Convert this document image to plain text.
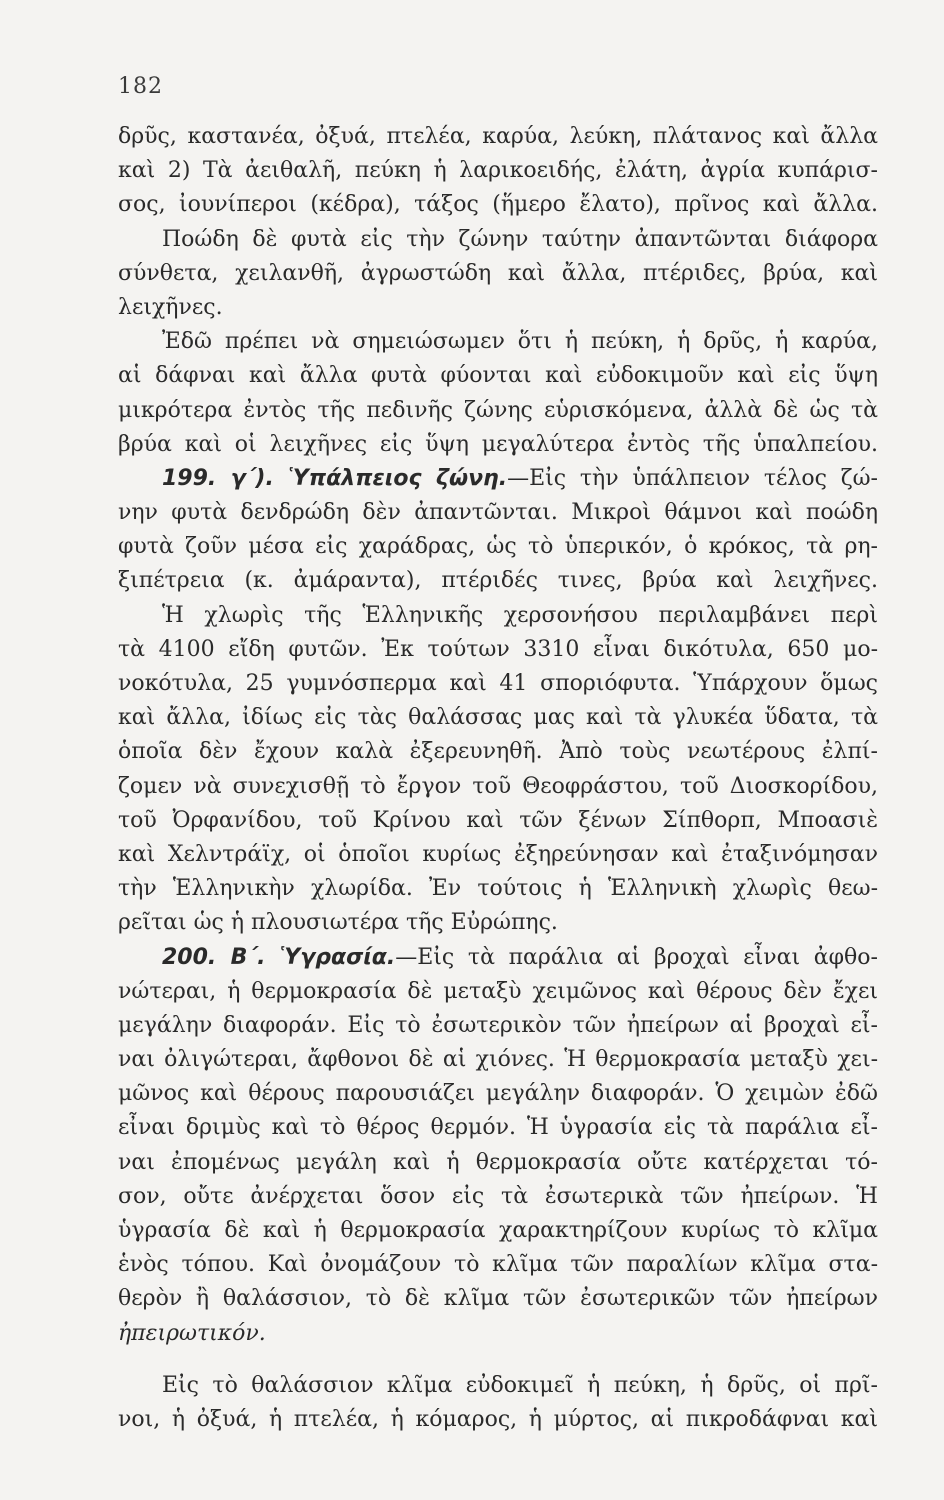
182
δρῦς, καστανέα, ὀξυά, πτελέα, καρύα, λεύκη, πλάτανος καὶ ἄλλα
καὶ 2) Τὰ ἀειθαλῆ, πεύκη ἡ λαρικοειδής, ἐλάτη, ἀγρία κυπάρισ-
σος, ἰουνίπεροι (κέδρα), τάξος (ἥμερο ἔλατο), πρῖνος καὶ ἄλλα.
Ποώδη δὲ φυτὰ εἰς τὴν ζώνην ταύτην ἀπαντῶνται διάφορα
σύνθετα, χειλανθῆ, ἀγρωστώδη καὶ ἄλλα, πτέριδες, βρύα, καὶ
λειχῆνες.
Ἐδῶ πρέπει νὰ σημειώσωμεν ὅτι ἡ πεύκη, ἡ δρῦς, ἡ καρύα,
αἱ δάφναι καὶ ἄλλα φυτὰ φύονται καὶ εὐδοκιμοῦν καὶ εἰς ὕψη
μικρότερα ἐντὸς τῆς πεδινῆς ζώνης εὑρισκόμενα, ἀλλὰ δὲ ὡς τὰ
βρύα καὶ οἱ λειχῆνες εἰς ὕψη μεγαλύτερα ἐντὸς τῆς ὑπαλπείου.
199. γ΄). Ὑπάλπειος ζώνη.—Εἰς τὴν ὑπάλπειον τέλος ζώ-
νην φυτὰ δενδρώδη δὲν ἀπαντῶνται. Μικροὶ θάμνοι καὶ ποώδη
φυτὰ ζοῦν μέσα εἰς χαράδρας, ὡς τὸ ὑπερικόν, ὁ κρόκος, τὰ ρη-
ξιπέτρεια (κ. ἀμάραντα), πτέριδές τινες, βρύα καὶ λειχῆνες.
Ἡ χλωρὶς τῆς Ἑλληνικῆς χερσονήσου περιλαμβάνει περὶ
τὰ 4100 εἴδη φυτῶν. Ἐκ τούτων 3310 εἶναι δικότυλα, 650 μο-
νοκότυλα, 25 γυμνόσπερμα καὶ 41 σποριόφυτα. Ὑπάρχουν ὅμως
καὶ ἄλλα, ἰδίως εἰς τὰς θαλάσσας μας καὶ τὰ γλυκέα ὕδατα, τὰ
ὁποῖα δὲν ἔχουν καλὰ ἐξερευνηθῆ. Ἀπὸ τοὺς νεωτέρους ἐλπί-
ζομεν νὰ συνεχισθῇ τὸ ἔργον τοῦ Θεοφράστου, τοῦ Διοσκορίδου,
τοῦ Ὀρφανίδου, τοῦ Κρίνου καὶ τῶν ξένων Σίπθορπ, Μποασιὲ
καὶ Χελντράϊχ, οἱ ὁποῖοι κυρίως ἐξηρεύνησαν καὶ ἐταξινόμησαν
τὴν Ἑλληνικὴν χλωρίδα. Ἐν τούτοις ἡ Ἑλληνικὴ χλωρὶς θεω-
ρεῖται ὡς ἡ πλουσιωτέρα τῆς Εὐρώπης.
200. Β΄. Ὑγρασία.—Εἰς τὰ παράλια αἱ βροχαὶ εἶναι ἀφθο-
νώτεραι, ἡ θερμοκρασία δὲ μεταξὺ χειμῶνος καὶ θέρους δὲν ἔχει
μεγάλην διαφοράν. Εἰς τὸ ἐσωτερικὸν τῶν ἠπείρων αἱ βροχαὶ εἶ-
ναι ὀλιγώτεραι, ἄφθονοι δὲ αἱ χιόνες. Ἡ θερμοκρασία μεταξὺ χει-
μῶνος καὶ θέρους παρουσιάζει μεγάλην διαφοράν. Ὁ χειμὼν ἐδῶ
εἶναι δριμὺς καὶ τὸ θέρος θερμόν. Ἡ ὑγρασία εἰς τὰ παράλια εἶ-
ναι ἐπομένως μεγάλη καὶ ἡ θερμοκρασία οὔτε κατέρχεται τό-
σον, οὔτε ἀνέρχεται ὅσον εἰς τὰ ἐσωτερικὰ τῶν ἠπείρων. Ἡ
ὑγρασία δὲ καὶ ἡ θερμοκρασία χαρακτηρίζουν κυρίως τὸ κλῖμα
ἑνὸς τόπου. Καὶ ὀνομάζουν τὸ κλῖμα τῶν παραλίων κλῖμα στα-
θερὸν ἢ θαλάσσιον, τὸ δὲ κλῖμα τῶν ἐσωτερικῶν τῶν ἠπείρων
ἠπειρωτικόν.
Εἰς τὸ θαλάσσιον κλῖμα εὐδοκιμεῖ ἡ πεύκη, ἡ δρῦς, οἱ πρῖ-
νοι, ἡ ὀξυά, ἡ πτελέα, ἡ κόμαρος, ἡ μύρτος, αἱ πικροδάφναι καὶ
